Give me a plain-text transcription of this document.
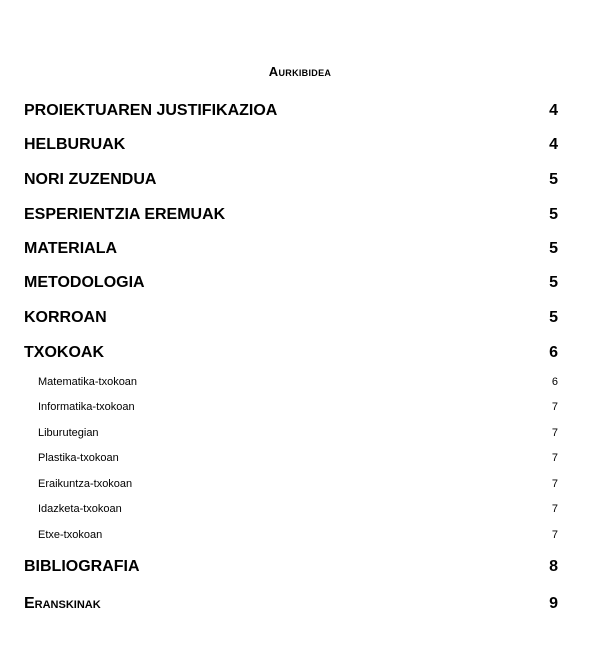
Aurkibidea
PROIEKTUAREN JUSTIFIKAZIOA .....	4
HELBURUAK .....	4
NORI ZUZENDUA .....	5
ESPERIENTZIA EREMUAK .....	5
MATERIALA .....	5
METODOLOGIA .....	5
KORROAN .....	5
TXOKOAK .....	6
Matematika-txokoan .....	6
Informatika-txokoan .....	7
Liburutegian .....	7
Plastika-txokoan .....	7
Eraikuntza-txokoan .....	7
Idazketa-txokoan .....	7
Etxe-txokoan .....	7
BIBLIOGRAFIA .....	8
Eranskinak .....	9
